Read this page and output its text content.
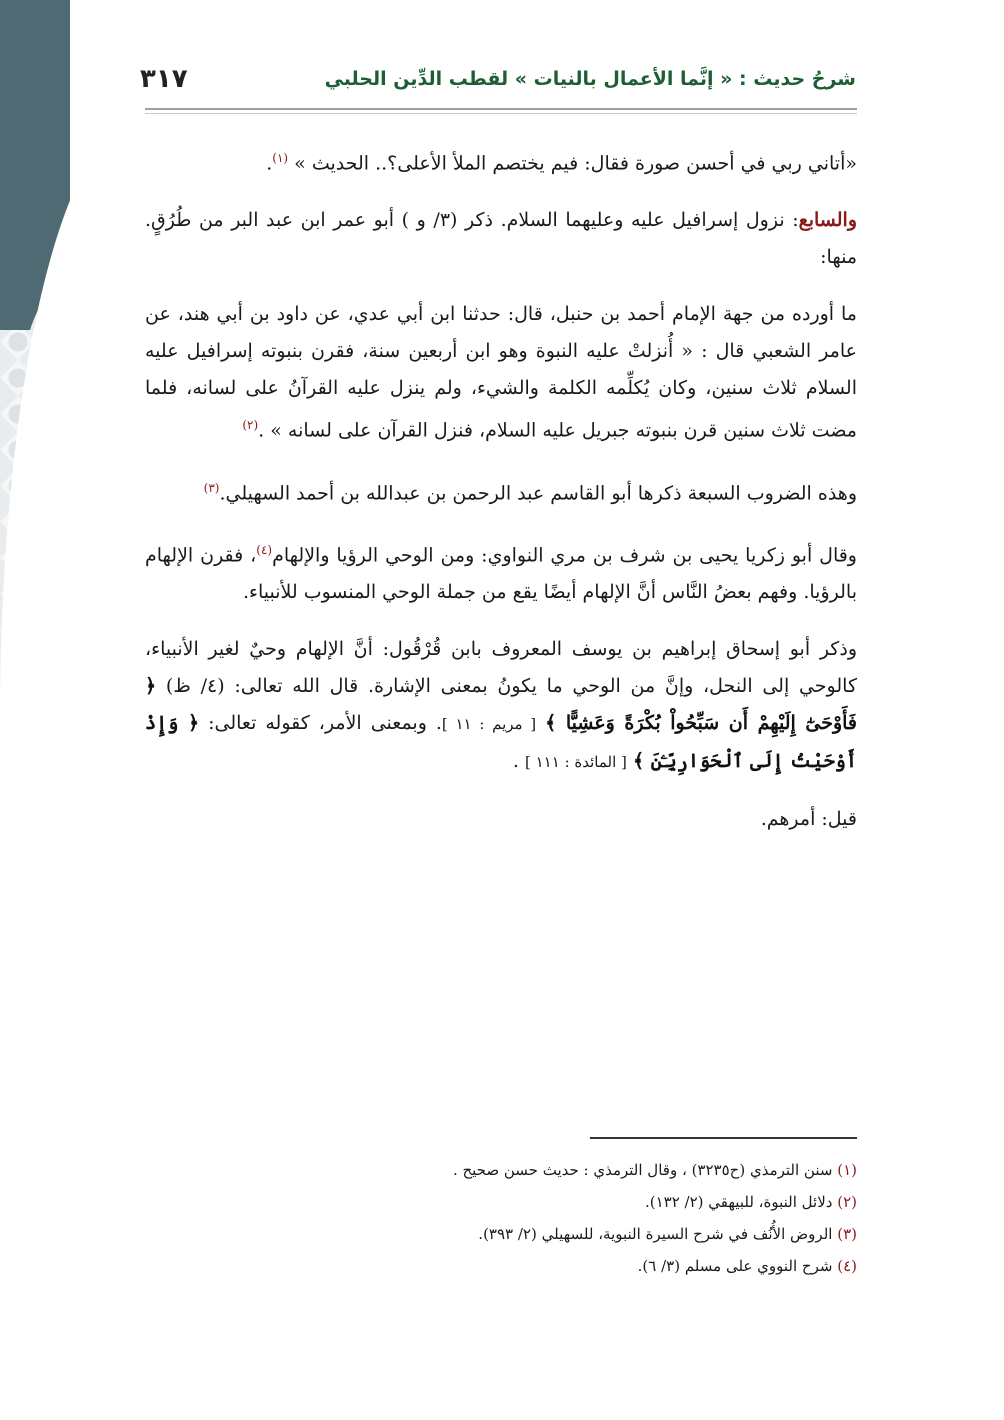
شرحُ حديث : « إنَّما الأعمال بالنيات » لقطب الدِّين الحلبي
٣١٧

«أتاني ربي في أحسن صورة فقال: فيم يختصم الملأ الأعلى؟.. الحديث » $^{(١)}$.

والسابع: نزول إسرافيل عليه وعليهما السلام. ذكر (٣/ و ) أبو عمر ابن عبد البر من طُرُقٍ. منها:

ما أورده من جهة الإمام أحمد بن حنبل، قال: حدثنا ابن أبي عدي، عن داود بن أبي هند، عن عامر الشعبي قال : « أُنزلتْ عليه النبوة وهو ابن أربعين سنة، فقرن بنبوته إسرافيل عليه السلام ثلاث سنين، وكان يُكلِّمه الكلمة والشيء، ولم ينزل عليه القرآنُ على لسانه، فلما مضت ثلاث سنين قرن بنبوته جبريل عليه السلام، فنزل القرآن على لسانه » .$^{(٢)}$

وهذه الضروب السبعة ذكرها أبو القاسم عبد الرحمن بن عبدالله بن أحمد السهيلي.$^{(٣)}$

وقال أبو زكريا يحيى بن شرف بن مري النواوي: ومن الوحي الرؤيا والإلهام$^{(٤)}$، فقرن الإلهام بالرؤيا. وفهم بعضُ النَّاس أنَّ الإلهام أيضًا يقع من جملة الوحي المنسوب للأنبياء.

وذكر أبو إسحاق إبراهيم بن يوسف المعروف بابن قُرْقُول: أنَّ الإلهام وحيٌ لغير الأنبياء، كالوحي إلى النحل، وإنَّ من الوحي ما يكونُ بمعنى الإشارة. قال الله تعالى: (٤/ ظ) ﴿ فَأَوْحَىٰٓ إِلَيْهِمْ أَن سَبِّحُواْ بُكْرَةً وَعَشِيًّا ﴾ [ مريم : ١١ ]. وبمعنى الأمر، كقوله تعالى: ﴿ وَإِذْ أَوْحَيْتُ إِلَى ٱلْحَوَارِيِّـۧنَ ﴾ [ المائدة : ١١١ ] .

قيل: أمرهم.

(١) سنن الترمذي (ح٣٢٣٥) ، وقال الترمذي : حديث حسن صحيح .
(٢) دلائل النبوة، للبيهقي (٢/ ١٣٢).
(٣) الروض الأُنُف في شرح السيرة النبوية، للسهيلي (٢/ ٣٩٣).
(٤) شرح النووي على مسلم (٣/ ٦).
